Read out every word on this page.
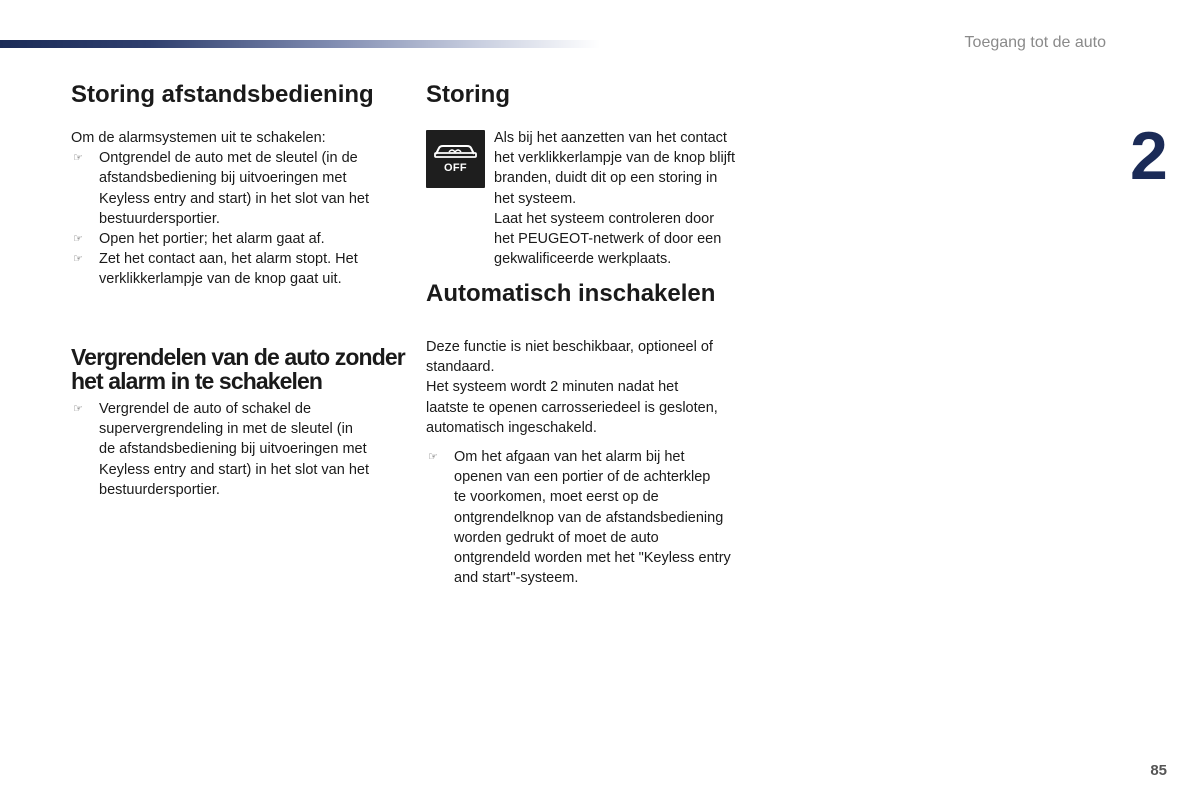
Toegang tot de auto
2
85
Storing afstandsbediening

Om de alarmsystemen uit te schakelen:

☞ Ontgrendel de auto met de sleutel (in de
afstandsbediening bij uitvoeringen met
Keyless entry and start) in het slot van het
bestuurdersportier.
☞ Open het portier; het alarm gaat af.
☞ Zet het contact aan, het alarm stopt. Het
verklikkerlampje van de knop gaat uit.
Vergrendelen van de auto zonder
het alarm in te schakelen
☞ Vergrendel de auto of schakel de
supervergrendeling in met de sleutel (in
de afstandsbediening bij uitvoeringen met
Keyless entry and start) in het slot van het
bestuurdersportier.
Storing
OFF
Als bij het aanzetten van het contact
het verklikkerlampje van de knop blijft
branden, duidt dit op een storing in
het systeem.
Laat het systeem controleren door
het PEUGEOT-netwerk of door een
gekwalificeerde werkplaats.
Automatisch inschakelen
Deze functie is niet beschikbaar, optioneel of
standaard.
Het systeem wordt 2 minuten nadat het
laatste te openen carrosseriedeel is gesloten,
automatisch ingeschakeld.
☞ Om het afgaan van het alarm bij het
openen van een portier of de achterklep
te voorkomen, moet eerst op de
ontgrendelknop van de afstandsbediening
worden gedrukt of moet de auto
ontgrendeld worden met het "Keyless entry
and start"-systeem.
